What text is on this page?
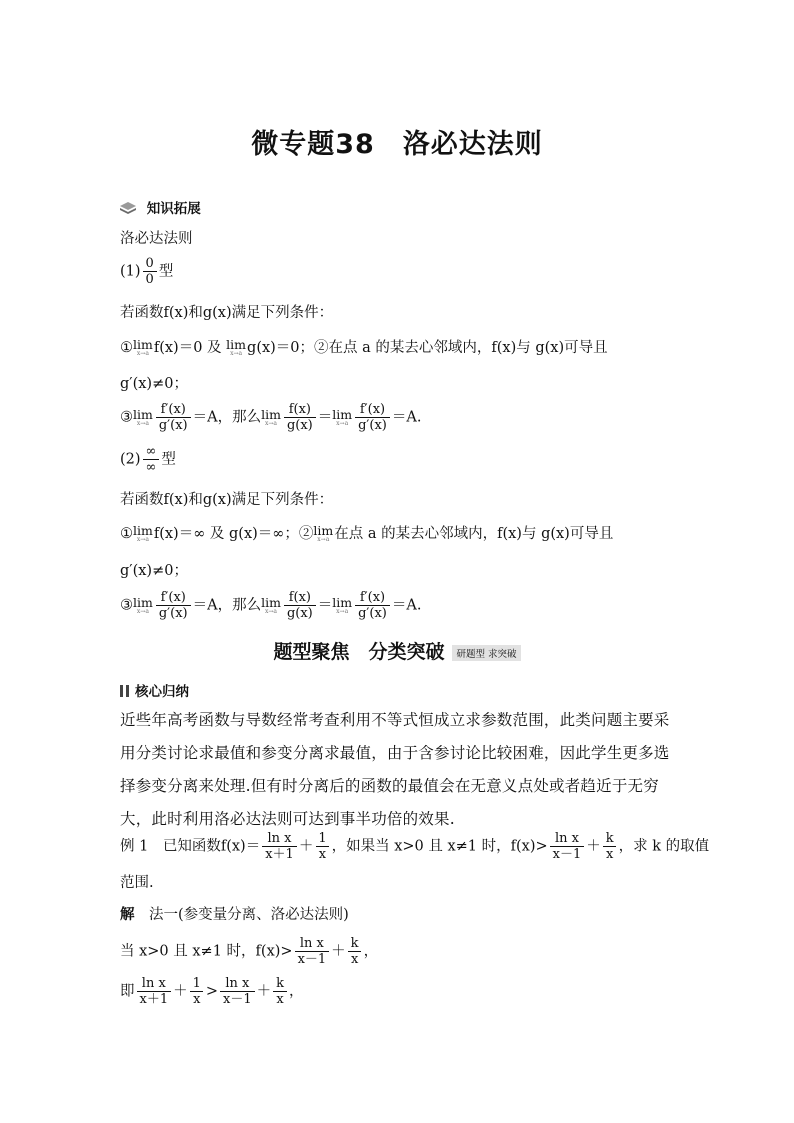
微专题38　洛必达法则
知识拓展
洛必达法则
$(1) \frac{0}{0}$ 型
若函数f(x)和g(x)满足下列条件：
① lim
x→a f(x)＝0 及 lim
x→a g(x)＝0；②在点 a 的某去心邻域内，f(x)与 g(x)可导且
g′(x)≠0；
③ lim
$x\to a \frac{f'(x)}{g'(x)} =A$，那么 lim
$x\to a \frac{f(x)}{g(x)} = \lim$
$x\to a \frac{f'(x)}{g'(x)} =A$.
$(2) \frac{\infty}{\infty}$ 型
若函数f(x)和g(x)满足下列条件：
① lim
x→a f(x)＝∞ 及 g(x)＝∞；② lim
x→a 在点 a 的某去心邻域内，f(x)与 g(x)可导且
g′(x)≠0；
③ lim
$x\to a \frac{f'(x)}{g'(x)} =A$，那么 lim
$x\to a \frac{f(x)}{g(x)} = \lim$
$x\to a \frac{f'(x)}{g'(x)} =A$.
题型聚焦　分类突破 研题型 求突破
核心归纳
近些年高考函数与导数经常考查利用不等式恒成立求参数范围，此类问题主要采用分类讨论求最值和参变分离求最值，由于含参讨论比较困难，因此学生更多选择参变分离来处理.但有时分离后的函数的最值会在无意义点处或者趋近于无穷大，此时利用洛必达法则可达到事半功倍的效果.
例 1　已知函数$f(x)= \frac{\text{ln x}}{x+1} + \frac{1}{x}$ ，如果当 x>0 且 x≠1 时，$f(x)> \frac{\text{ln x}}{x-1} + \frac{k}{x}$ ，求 k 的取值
范围.
解　 法一(参变量分离、洛必达法则)
当 x>0 且 x≠1 时，$f(x)> \frac{\text{ln x}}{x-1} + \frac{k}{x}$ ，
即 $\frac{\text{ln x}}{x+1} + \frac{1}{x} > \frac{\text{ln x}}{x-1} + \frac{k}{x}$ ，
